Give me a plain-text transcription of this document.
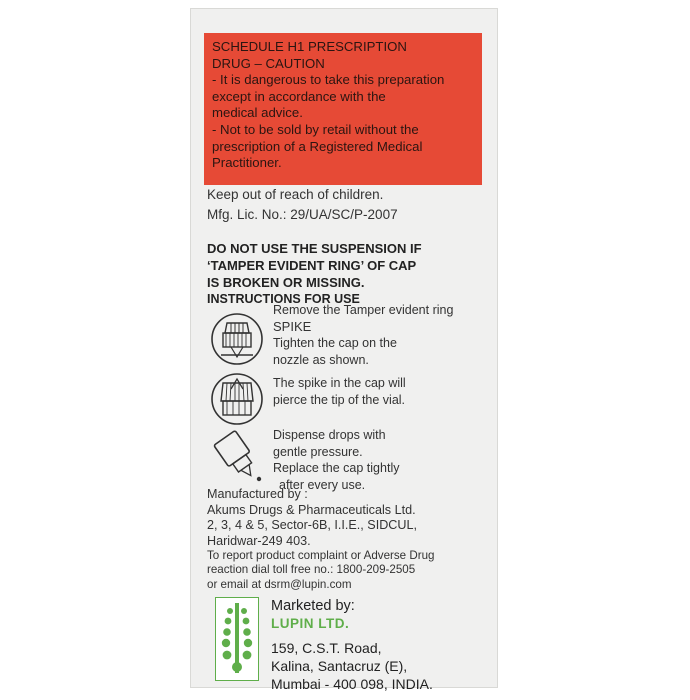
SCHEDULE H1 PRESCRIPTION
DRUG – CAUTION
- It is dangerous to take this preparation
except in accordance with the
medical advice.
- Not to be sold by retail without the
prescription of a Registered Medical
Practitioner.
Keep out of reach of children.
Mfg. Lic. No.: 29/UA/SC/P-2007
DO NOT USE THE SUSPENSION IF
‘TAMPER EVIDENT RING’ OF CAP
IS BROKEN OR MISSING.
INSTRUCTIONS FOR USE
Remove the Tamper evident ring
SPIKE
Tighten the cap on the
nozzle as shown.
The spike in the cap will
pierce the tip of the vial.
Dispense drops with
gentle pressure.
Replace the cap tightly
after every use.
Manufactured by :
Akums Drugs & Pharmaceuticals Ltd.
2, 3, 4 & 5, Sector-6B, I.I.E., SIDCUL,
Haridwar-249 403.
To report product complaint or Adverse Drug
reaction dial toll free no.: 1800-209-2505
or email at dsrm@lupin.com
Marketed by:
LUPIN LTD.
159, C.S.T. Road,
Kalina, Santacruz (E),
Mumbai - 400 098, INDIA.
